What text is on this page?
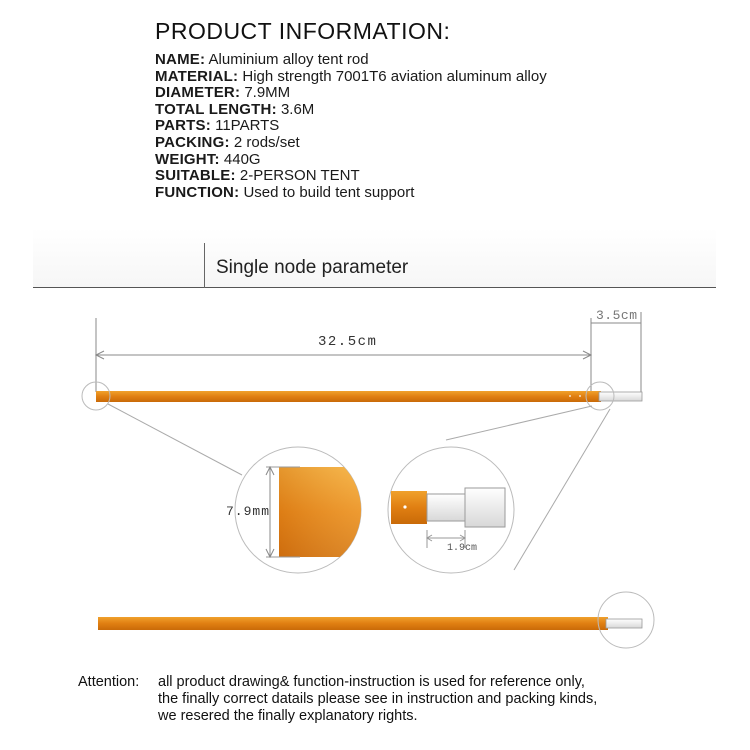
PRODUCT INFORMATION:
NAME: Aluminium alloy tent rod
MATERIAL: High strength 7001T6 aviation aluminum alloy
DIAMETER: 7.9MM
TOTAL LENGTH: 3.6M
PARTS: 11PARTS
PACKING: 2 rods/set
WEIGHT: 440G
SUITABLE: 2-PERSON TENT
FUNCTION: Used to build tent support
Single node parameter
32.5cm
3.5cm
7.9mm
1.9cm
Attention: all product drawing& function-instruction is used for reference only,
the finally correct datails please see in instruction and packing kinds,
we resered the finally explanatory rights.
